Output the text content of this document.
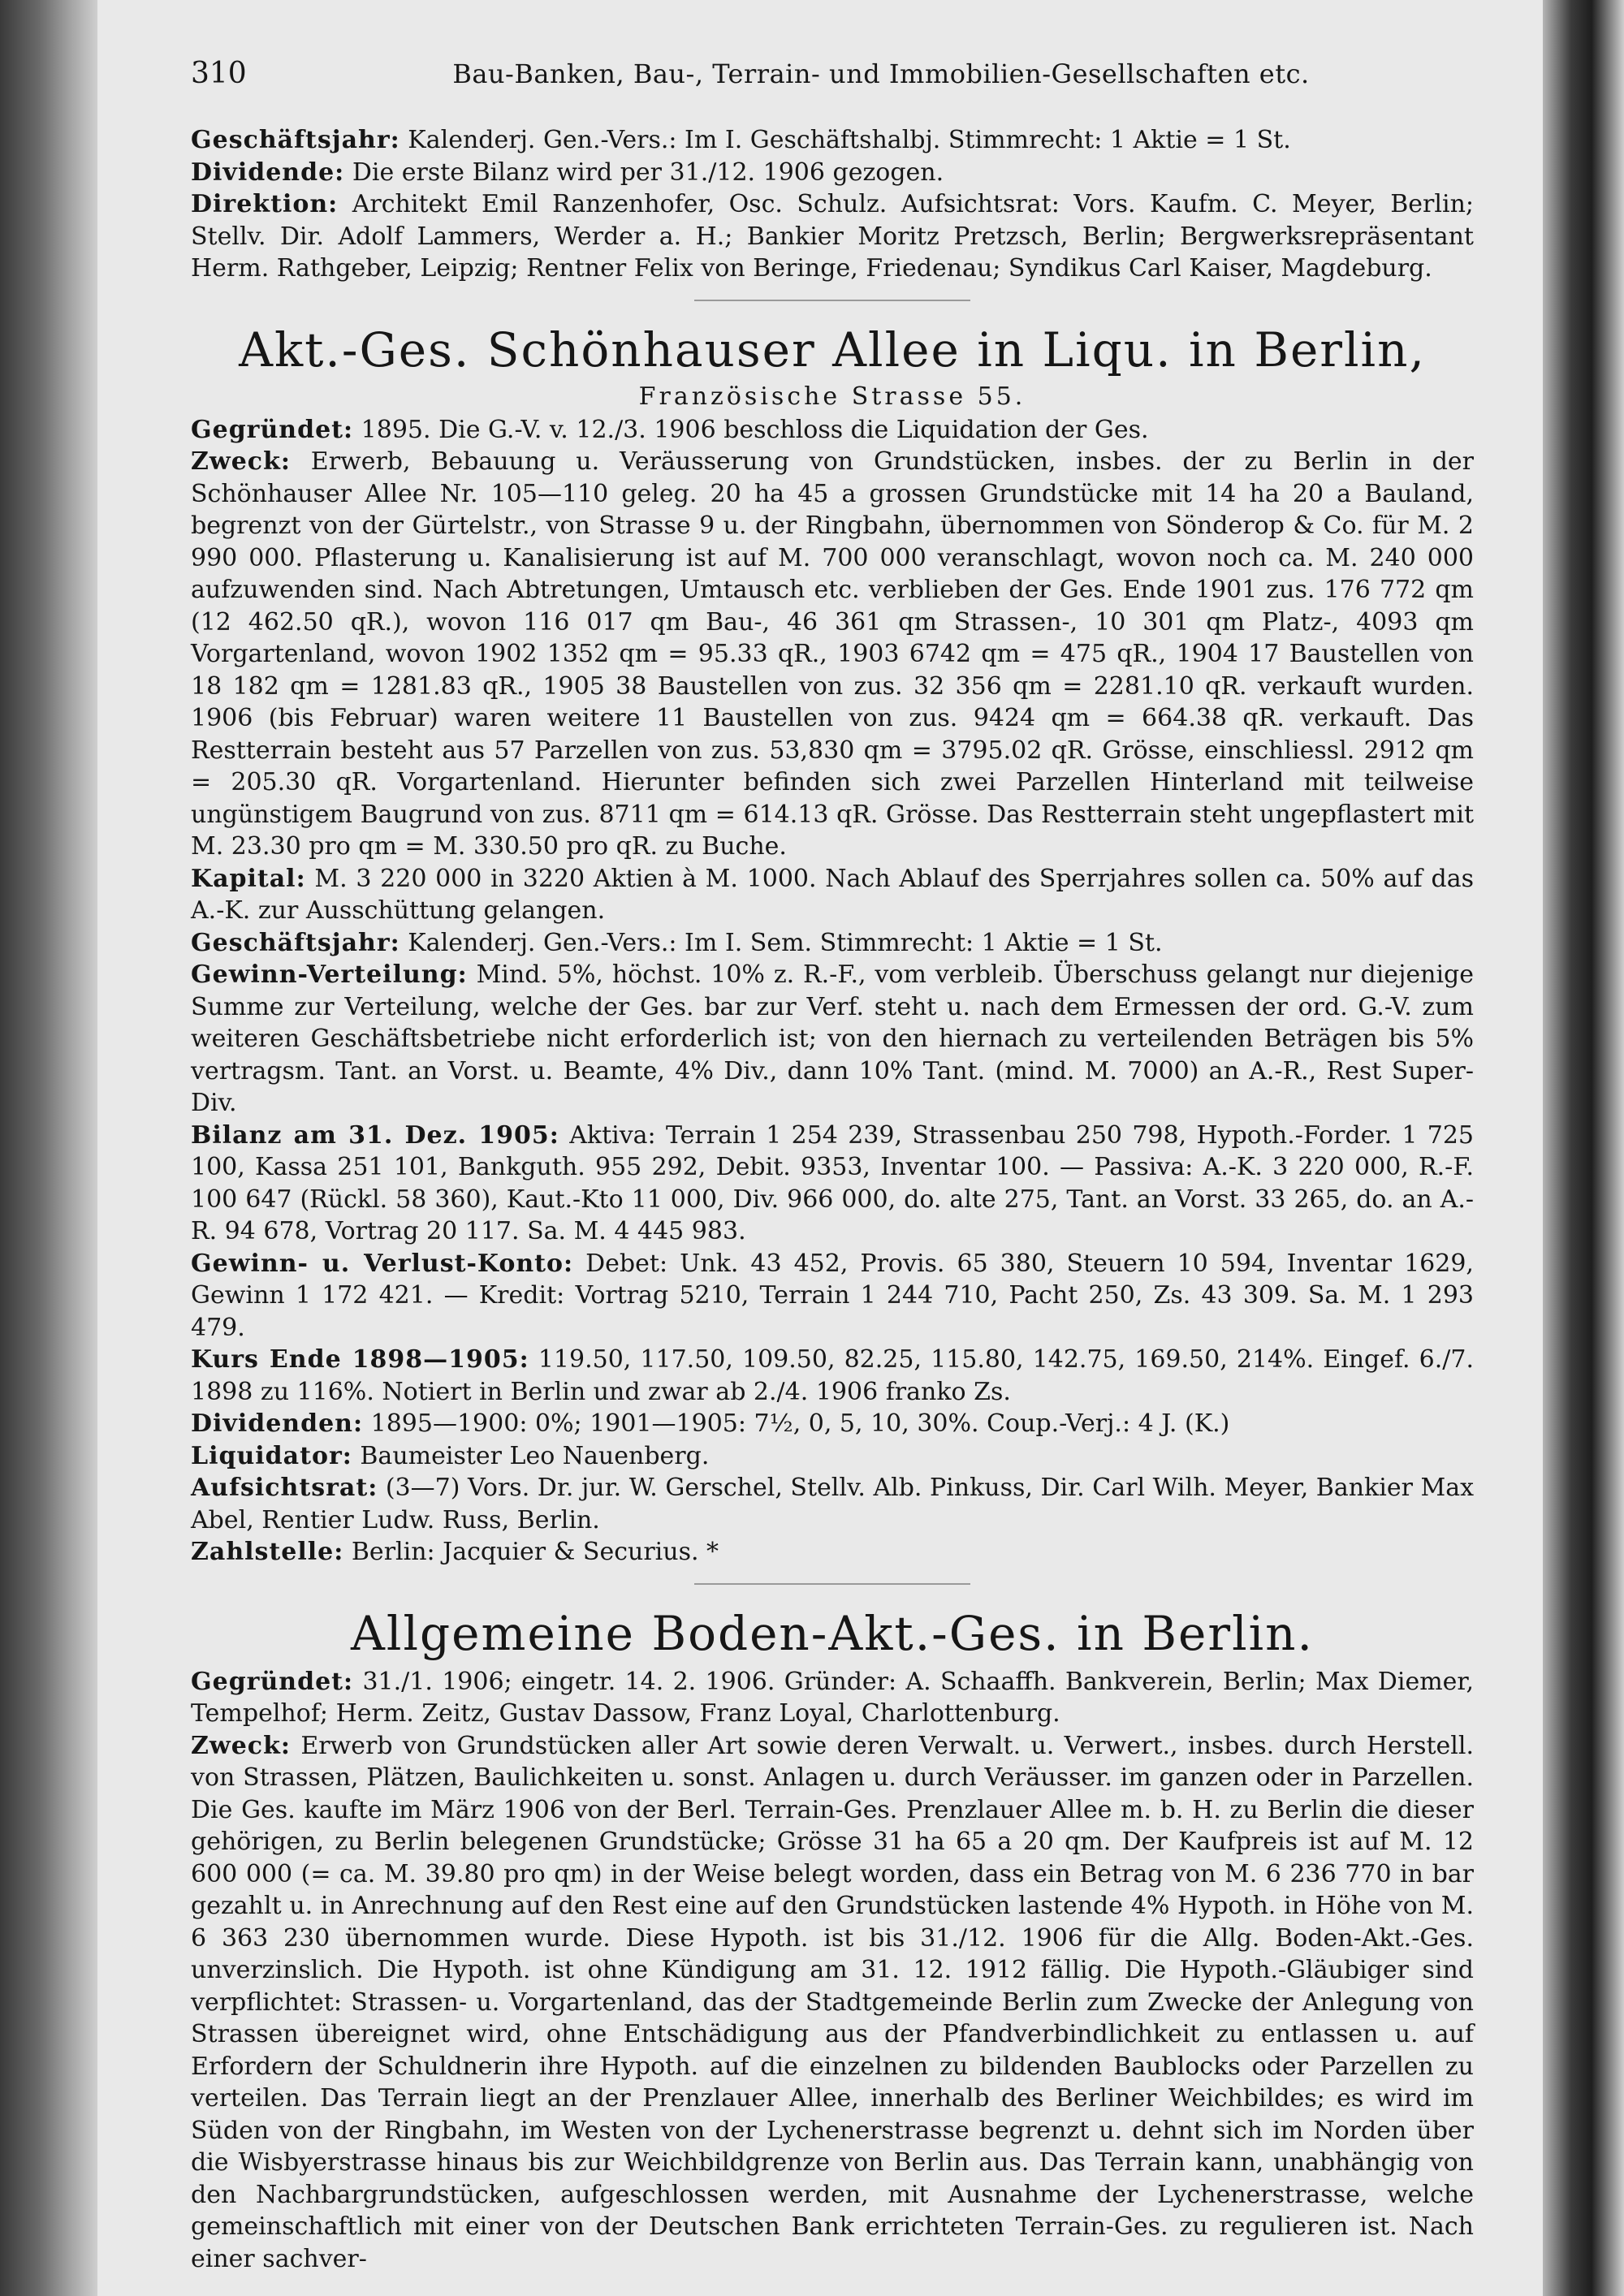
310	Bau-Banken, Bau-, Terrain- und Immobilien-Gesellschaften etc.

Geschäftsjahr: Kalenderj. Gen.-Vers.: Im I. Geschäftshalbj. Stimmrecht: 1 Aktie = 1 St.

Dividende: Die erste Bilanz wird per 31./12. 1906 gezogen.

Direktion: Architekt Emil Ranzenhofer, Osc. Schulz. Aufsichtsrat: Vors. Kaufm. C. Meyer, Berlin; Stellv. Dir. Adolf Lammers, Werder a. H.; Bankier Moritz Pretzsch, Berlin; Bergwerksrepräsentant Herm. Rathgeber, Leipzig; Rentner Felix von Beringe, Friedenau; Syndikus Carl Kaiser, Magdeburg.

Akt.-Ges. Schönhauser Allee in Liqu. in Berlin,
Französische Strasse 55.

Gegründet: 1895. Die G.-V. v. 12./3. 1906 beschloss die Liquidation der Ges.

Zweck: Erwerb, Bebauung u. Veräusserung von Grundstücken, insbes. der zu Berlin in der Schönhauser Allee Nr. 105—110 geleg. 20 ha 45 a grossen Grundstücke mit 14 ha 20 a Bauland, begrenzt von der Gürtelstr., von Strasse 9 u. der Ringbahn, übernommen von Sönderop & Co. für M. 2 990 000. Pflasterung u. Kanalisierung ist auf M. 700 000 veranschlagt, wovon noch ca. M. 240 000 aufzuwenden sind. Nach Abtretungen, Umtausch etc. verblieben der Ges. Ende 1901 zus. 176 772 qm (12 462.50 qR.), wovon 116 017 qm Bau-, 46 361 qm Strassen-, 10 301 qm Platz-, 4093 qm Vorgartenland, wovon 1902 1352 qm = 95.33 qR., 1903 6742 qm = 475 qR., 1904 17 Baustellen von 18 182 qm = 1281.83 qR., 1905 38 Baustellen von zus. 32 356 qm = 2281.10 qR. verkauft wurden. 1906 (bis Februar) waren weitere 11 Baustellen von zus. 9424 qm = 664.38 qR. verkauft. Das Restterrain besteht aus 57 Parzellen von zus. 53,830 qm = 3795.02 qR. Grösse, einschliessl. 2912 qm = 205.30 qR. Vorgartenland. Hierunter befinden sich zwei Parzellen Hinterland mit teilweise ungünstigem Baugrund von zus. 8711 qm = 614.13 qR. Grösse. Das Restterrain steht ungepflastert mit M. 23.30 pro qm = M. 330.50 pro qR. zu Buche.

Kapital: M. 3 220 000 in 3220 Aktien à M. 1000. Nach Ablauf des Sperrjahres sollen ca. 50% auf das A.-K. zur Ausschüttung gelangen.

Geschäftsjahr: Kalenderj. Gen.-Vers.: Im I. Sem. Stimmrecht: 1 Aktie = 1 St.

Gewinn-Verteilung: Mind. 5%, höchst. 10% z. R.-F., vom verbleib. Überschuss gelangt nur diejenige Summe zur Verteilung, welche der Ges. bar zur Verf. steht u. nach dem Ermessen der ord. G.-V. zum weiteren Geschäftsbetriebe nicht erforderlich ist; von den hiernach zu verteilenden Beträgen bis 5% vertragsm. Tant. an Vorst. u. Beamte, 4% Div., dann 10% Tant. (mind. M. 7000) an A.-R., Rest Super-Div.

Bilanz am 31. Dez. 1905: Aktiva: Terrain 1 254 239, Strassenbau 250 798, Hypoth.-Forder. 1 725 100, Kassa 251 101, Bankguth. 955 292, Debit. 9353, Inventar 100. — Passiva: A.-K. 3 220 000, R.-F. 100 647 (Rückl. 58 360), Kaut.-Kto 11 000, Div. 966 000, do. alte 275, Tant. an Vorst. 33 265, do. an A.-R. 94 678, Vortrag 20 117. Sa. M. 4 445 983.

Gewinn- u. Verlust-Konto: Debet: Unk. 43 452, Provis. 65 380, Steuern 10 594, Inventar 1629, Gewinn 1 172 421. — Kredit: Vortrag 5210, Terrain 1 244 710, Pacht 250, Zs. 43 309. Sa. M. 1 293 479.

Kurs Ende 1898—1905: 119.50, 117.50, 109.50, 82.25, 115.80, 142.75, 169.50, 214%. Eingef. 6./7. 1898 zu 116%. Notiert in Berlin und zwar ab 2./4. 1906 franko Zs.

Dividenden: 1895—1900: 0%; 1901—1905: 7½, 0, 5, 10, 30%. Coup.-Verj.: 4 J. (K.)

Liquidator: Baumeister Leo Nauenberg.

Aufsichtsrat: (3—7) Vors. Dr. jur. W. Gerschel, Stellv. Alb. Pinkuss, Dir. Carl Wilh. Meyer, Bankier Max Abel, Rentier Ludw. Russ, Berlin.

Zahlstelle: Berlin: Jacquier & Securius. *

Allgemeine Boden-Akt.-Ges. in Berlin.

Gegründet: 31./1. 1906; eingetr. 14. 2. 1906. Gründer: A. Schaaffh. Bankverein, Berlin; Max Diemer, Tempelhof; Herm. Zeitz, Gustav Dassow, Franz Loyal, Charlottenburg.

Zweck: Erwerb von Grundstücken aller Art sowie deren Verwalt. u. Verwert., insbes. durch Herstell. von Strassen, Plätzen, Baulichkeiten u. sonst. Anlagen u. durch Veräusser. im ganzen oder in Parzellen. Die Ges. kaufte im März 1906 von der Berl. Terrain-Ges. Prenzlauer Allee m. b. H. zu Berlin die dieser gehörigen, zu Berlin belegenen Grundstücke; Grösse 31 ha 65 a 20 qm. Der Kaufpreis ist auf M. 12 600 000 (= ca. M. 39.80 pro qm) in der Weise belegt worden, dass ein Betrag von M. 6 236 770 in bar gezahlt u. in Anrechnung auf den Rest eine auf den Grundstücken lastende 4% Hypoth. in Höhe von M. 6 363 230 übernommen wurde. Diese Hypoth. ist bis 31./12. 1906 für die Allg. Boden-Akt.-Ges. unverzinslich. Die Hypoth. ist ohne Kündigung am 31. 12. 1912 fällig. Die Hypoth.-Gläubiger sind verpflichtet: Strassen- u. Vorgartenland, das der Stadtgemeinde Berlin zum Zwecke der Anlegung von Strassen übereignet wird, ohne Entschädigung aus der Pfandverbindlichkeit zu entlassen u. auf Erfordern der Schuldnerin ihre Hypoth. auf die einzelnen zu bildenden Baublocks oder Parzellen zu verteilen. Das Terrain liegt an der Prenzlauer Allee, innerhalb des Berliner Weichbildes; es wird im Süden von der Ringbahn, im Westen von der Lychenerstrasse begrenzt u. dehnt sich im Norden über die Wisbyerstrasse hinaus bis zur Weichbildgrenze von Berlin aus. Das Terrain kann, unabhängig von den Nachbargrundstücken, aufgeschlossen werden, mit Ausnahme der Lychenerstrasse, welche gemeinschaftlich mit einer von der Deutschen Bank errichteten Terrain-Ges. zu regulieren ist. Nach einer sachver-
